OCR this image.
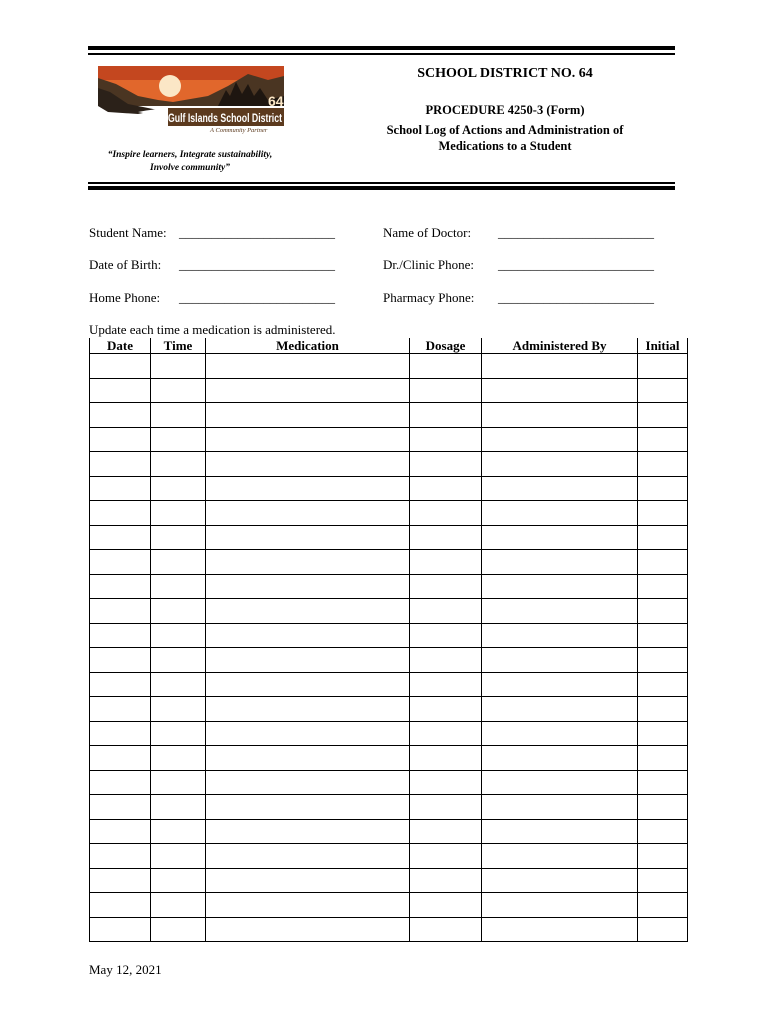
64
Gulf Islands School District
A Community Partner
“Inspire learners, Integrate sustainability,
Involve community”
SCHOOL DISTRICT NO. 64
PROCEDURE 4250-3 (Form)
School Log of Actions and Administration of
Medications to a Student
Student Name: ________________________
Date of Birth: ________________________
Home Phone: ________________________
Name of Doctor: ________________________
Dr./Clinic Phone: ________________________
Pharmacy Phone: ________________________
Update each time a medication is administered.
Date	Time	Medication	Dosage	Administered By	Initial

May 12, 2021
